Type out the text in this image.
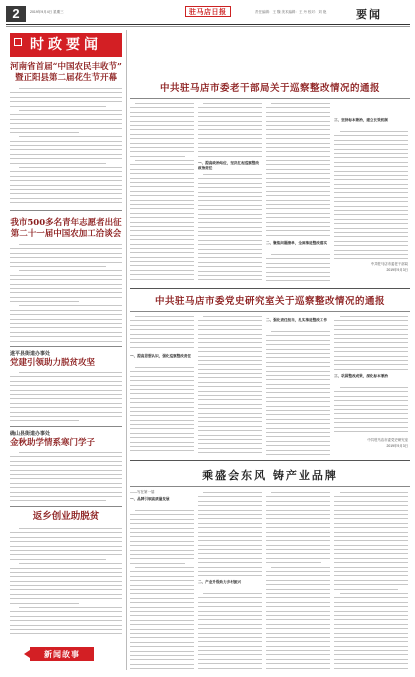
2	2019年9月4日 星期三	驻马店日报	责任编辑：王 魏 美术编辑：王 丹 校对：刘 艳	要闻
时政要闻
河南省首届“中国农民丰收节”
暨正阳县第二届花生节开幕
我市500多名青年志愿者出征
第二十一届中国农加工洽谈会
遂平县街道办事处
党建引领助力脱贫攻坚
确山县街道办事处
金秋助学情系寒门学子
返乡创业助脱贫
新闻故事
中共驻马店市委老干部局关于巡察整改情况的通报
一、提高政治站位，坚决扛起巡察整改政治责任
二、聚焦问题清单，全面推进整改落实
三、坚持标本兼治，建立长效机制
中共驻马店市委老干部局
2019年9月3日
中共驻马店市委党史研究室关于巡察整改情况的通报
一、提高思想认识，强化巡察整改责任
二、强化责任担当，扎实推进整改工作
三、巩固整改成果，深化标本兼治
中共驻马店市委党史研究室
2019年9月3日
乘盛会东风 铸产业品牌
——写在第一届
一、品牌引领高质量发展
二、产业升级助力乡村振兴
